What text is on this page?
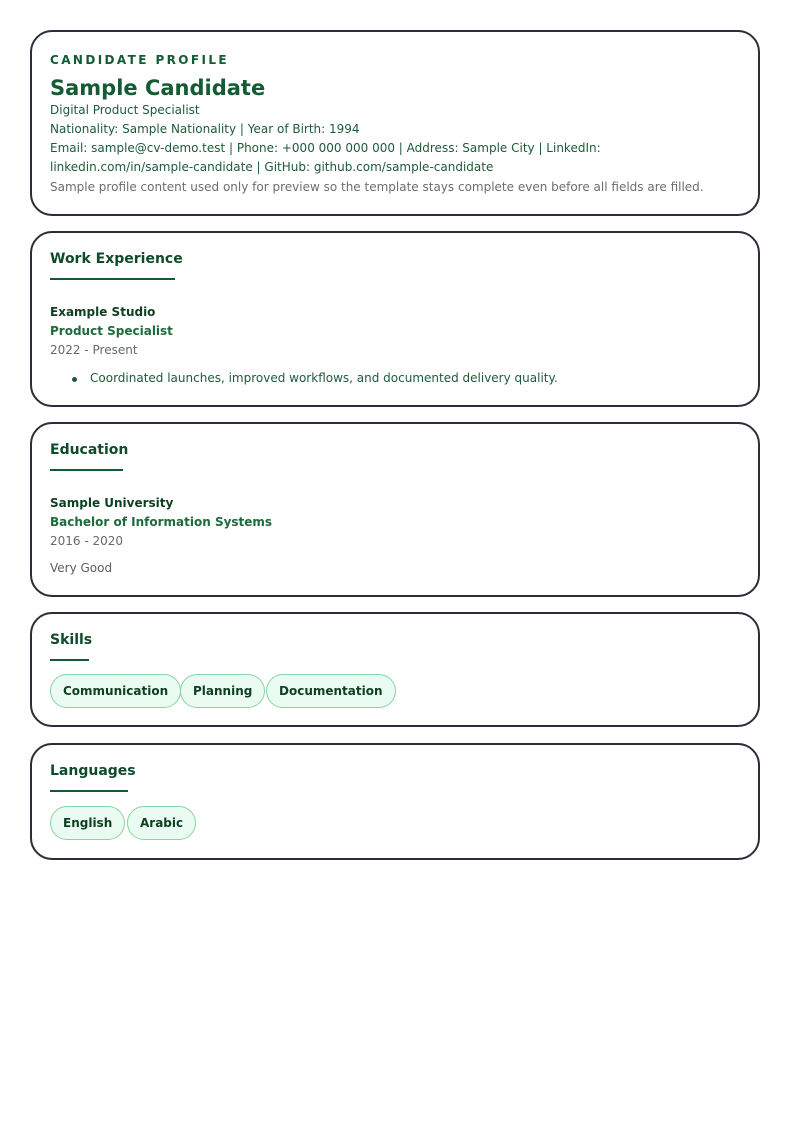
CANDIDATE PROFILE
Sample Candidate
Digital Product Specialist
Nationality: Sample Nationality | Year of Birth: 1994
Email: sample@cv-demo.test | Phone: +000 000 000 000 | Address: Sample City | LinkedIn: linkedin.com/in/sample-candidate | GitHub: github.com/sample-candidate
Sample profile content used only for preview so the template stays complete even before all fields are filled.
Work Experience
Example Studio
Product Specialist
2022 - Present
Coordinated launches, improved workflows, and documented delivery quality.
Education
Sample University
Bachelor of Information Systems
2016 - 2020
Very Good
Skills
Communication	Planning	Documentation
Languages
English	Arabic
